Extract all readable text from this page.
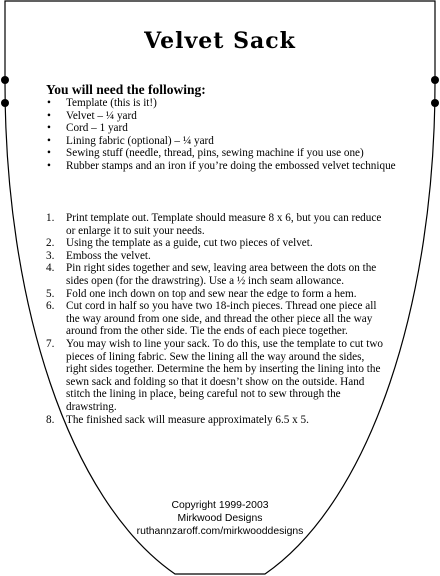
Velvet Sack
You will need the following:
• Template (this is it!)
• Velvet – ¼ yard
• Cord – 1 yard
• Lining fabric (optional) – ¼ yard
• Sewing stuff (needle, thread, pins, sewing machine if you use one)
• Rubber stamps and an iron if you’re doing the embossed velvet technique
1. Print template out. Template should measure 8 x 6, but you can reduce or enlarge it to suit your needs.
2. Using the template as a guide, cut two pieces of velvet.
3. Emboss the velvet.
4. Pin right sides together and sew, leaving area between the dots on the sides open (for the drawstring). Use a ½ inch seam allowance.
5. Fold one inch down on top and sew near the edge to form a hem.
6. Cut cord in half so you have two 18-inch pieces. Thread one piece all the way around from one side, and thread the other piece all the way around from the other side. Tie the ends of each piece together.
7. You may wish to line your sack. To do this, use the template to cut two pieces of lining fabric. Sew the lining all the way around the sides, right sides together. Determine the hem by inserting the lining into the sewn sack and folding so that it doesn’t show on the outside. Hand stitch the lining in place, being careful not to sew through the drawstring.
8. The finished sack will measure approximately 6.5 x 5.
Copyright 1999-2003
Mirkwood Designs
ruthannzaroff.com/mirkwooddesigns
